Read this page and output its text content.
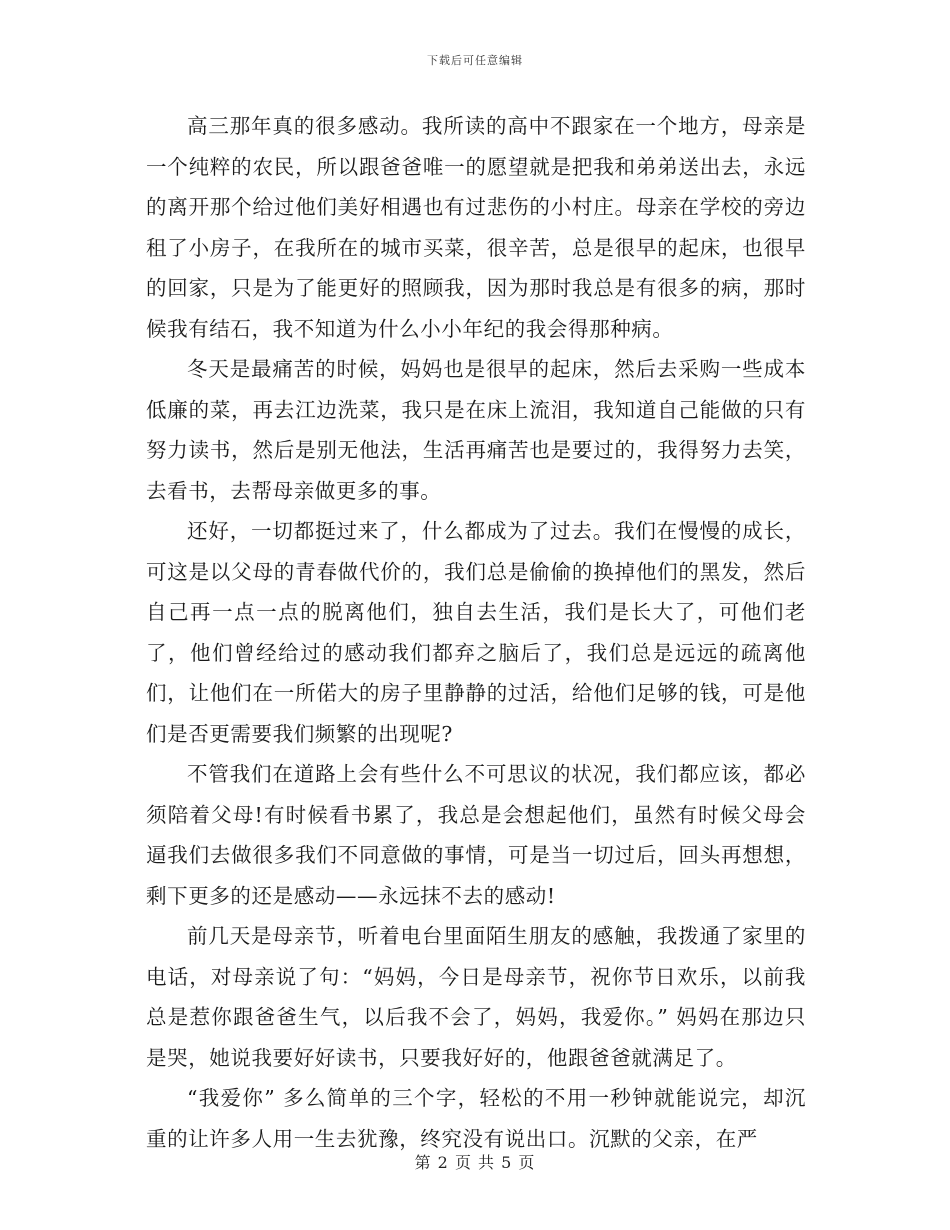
下载后可任意编辑

高三那年真的很多感动。我所读的高中不跟家在一个地方，母亲是一个纯粹的农民，所以跟爸爸唯一的愿望就是把我和弟弟送出去，永远的离开那个给过他们美好相遇也有过悲伤的小村庄。母亲在学校的旁边租了小房子，在我所在的城市买菜，很辛苦，总是很早的起床，也很早的回家，只是为了能更好的照顾我，因为那时我总是有很多的病，那时候我有结石，我不知道为什么小小年纪的我会得那种病。

冬天是最痛苦的时候，妈妈也是很早的起床，然后去采购一些成本低廉的菜，再去江边洗菜，我只是在床上流泪，我知道自己能做的只有努力读书，然后是别无他法，生活再痛苦也是要过的，我得努力去笑，去看书，去帮母亲做更多的事。

还好，一切都挺过来了，什么都成为了过去。我们在慢慢的成长，可这是以父母的青春做代价的，我们总是偷偷的换掉他们的黑发，然后自己再一点一点的脱离他们，独自去生活，我们是长大了，可他们老了，他们曾经给过的感动我们都弃之脑后了，我们总是远远的疏离他们，让他们在一所偌大的房子里静静的过活，给他们足够的钱，可是他们是否更需要我们频繁的出现呢?

不管我们在道路上会有些什么不可思议的状况，我们都应该，都必须陪着父母!有时候看书累了，我总是会想起他们，虽然有时候父母会逼我们去做很多我们不同意做的事情，可是当一切过后，回头再想想，剩下更多的还是感动——永远抹不去的感动!

前几天是母亲节，听着电台里面陌生朋友的感触，我拨通了家里的电话，对母亲说了句：“妈妈，今日是母亲节，祝你节日欢乐，以前我总是惹你跟爸爸生气，以后我不会了，妈妈，我爱你。” 妈妈在那边只是哭，她说我要好好读书，只要我好好的，他跟爸爸就满足了。

“我爱你” 多么简单的三个字，轻松的不用一秒钟就能说完，却沉重的让许多人用一生去犹豫，终究没有说出口。沉默的父亲，在严

第 2 页 共 5 页
